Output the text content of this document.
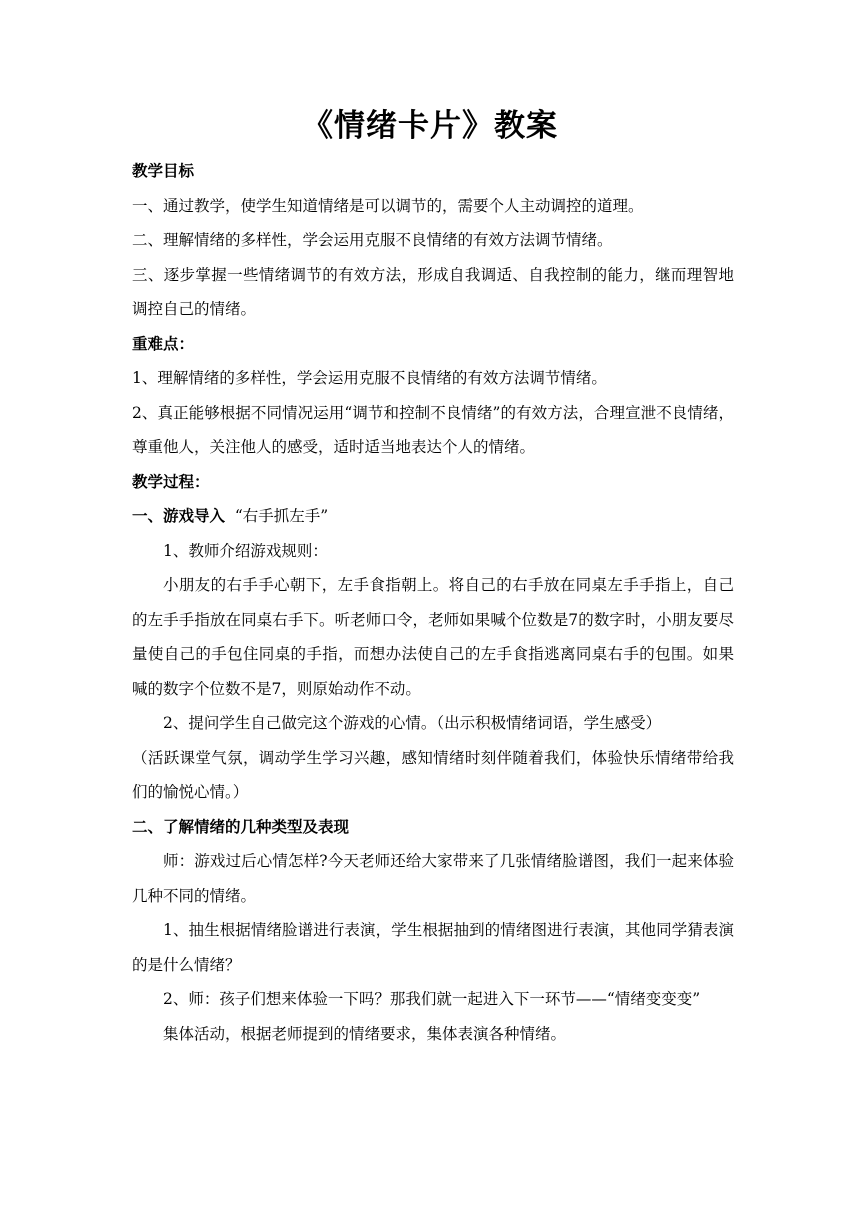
《情绪卡片》教案

教学目标

一、通过教学，使学生知道情绪是可以调节的，需要个人主动调控的道理。

二、理解情绪的多样性，学会运用克服不良情绪的有效方法调节情绪。

三、逐步掌握一些情绪调节的有效方法，形成自我调适、自我控制的能力，继而理智地调控自己的情绪。

重难点：

1、理解情绪的多样性，学会运用克服不良情绪的有效方法调节情绪。

2、真正能够根据不同情况运用“调节和控制不良情绪”的有效方法，合理宣泄不良情绪，尊重他人，关注他人的感受，适时适当地表达个人的情绪。

教学过程：

一、游戏导入 “右手抓左手”

1、教师介绍游戏规则：

小朋友的右手手心朝下，左手食指朝上。将自己的右手放在同桌左手手指上，自己的左手手指放在同桌右手下。听老师口令，老师如果喊个位数是7的数字时，小朋友要尽量使自己的手包住同桌的手指，而想办法使自己的左手食指逃离同桌右手的包围。如果喊的数字个位数不是7，则原始动作不动。

2、提问学生自己做完这个游戏的心情。（出示积极情绪词语，学生感受）

（活跃课堂气氛，调动学生学习兴趣，感知情绪时刻伴随着我们，体验快乐情绪带给我们的愉悦心情。）

二、了解情绪的几种类型及表现

师：游戏过后心情怎样?今天老师还给大家带来了几张情绪脸谱图，我们一起来体验几种不同的情绪。

1、抽生根据情绪脸谱进行表演，学生根据抽到的情绪图进行表演，其他同学猜表演的是什么情绪？

2、师：孩子们想来体验一下吗？那我们就一起进入下一环节——“情绪变变变”

集体活动，根据老师提到的情绪要求，集体表演各种情绪。
